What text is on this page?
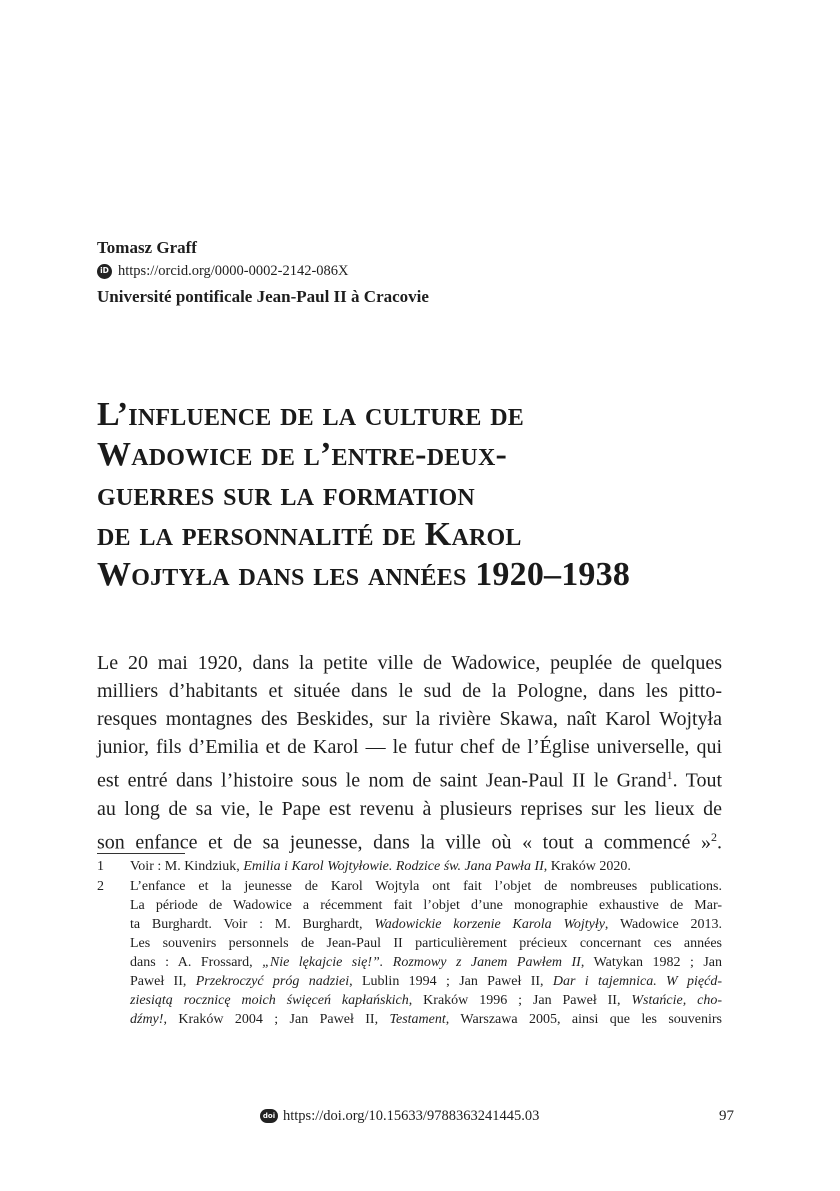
Tomasz Graff
iD https://orcid.org/0000-0002-2142-086X
Université pontificale Jean-Paul II à Cracovie
L’influence de la culture de
Wadowice de l’entre-deux-
guerres sur la formation
de la personnalité de Karol
Wojtyła dans les années 1920–1938
Le 20 mai 1920, dans la petite ville de Wadowice, peuplée de quelques
milliers d’habitants et située dans le sud de la Pologne, dans les pitto-
resques montagnes des Beskides, sur la rivière Skawa, naît Karol Wojtyła
junior, fils d’Emilia et de Karol — le futur chef de l’Église universelle, qui
est entré dans l’histoire sous le nom de saint Jean-Paul II le Grand$^1$. Tout
au long de sa vie, le Pape est revenu à plusieurs reprises sur les lieux de
son enfance et de sa jeunesse, dans la ville où « tout a commencé »$^2$.
1	Voir : M. Kindziuk, Emilia i Karol Wojtyłowie. Rodzice św. Jana Pawła II, Kraków 2020.
2	L’enfance et la jeunesse de Karol Wojtyla ont fait l’objet de nombreuses publications.
La période de Wadowice a récemment fait l’objet d’une monographie exhaustive de Mar-
ta Burghardt. Voir : M. Burghardt, Wadowickie korzenie Karola Wojtyły, Wadowice 2013.
Les souvenirs personnels de Jean-Paul II particulièrement précieux concernant ces années
dans : A. Frossard, „Nie lękajcie się!”. Rozmowy z Janem Pawłem II, Watykan 1982 ; Jan
Paweł II, Przekroczyć próg nadziei, Lublin 1994 ; Jan Paweł II, Dar i tajemnica. W pięćd-
ziesiątą rocznicę moich święceń kapłańskich, Kraków 1996 ; Jan Paweł II, Wstańcie, cho-
dźmy!, Kraków 2004 ; Jan Paweł II, Testament, Warszawa 2005, ainsi que les souvenirs
doi https://doi.org/10.15633/9788363241445.03	97
